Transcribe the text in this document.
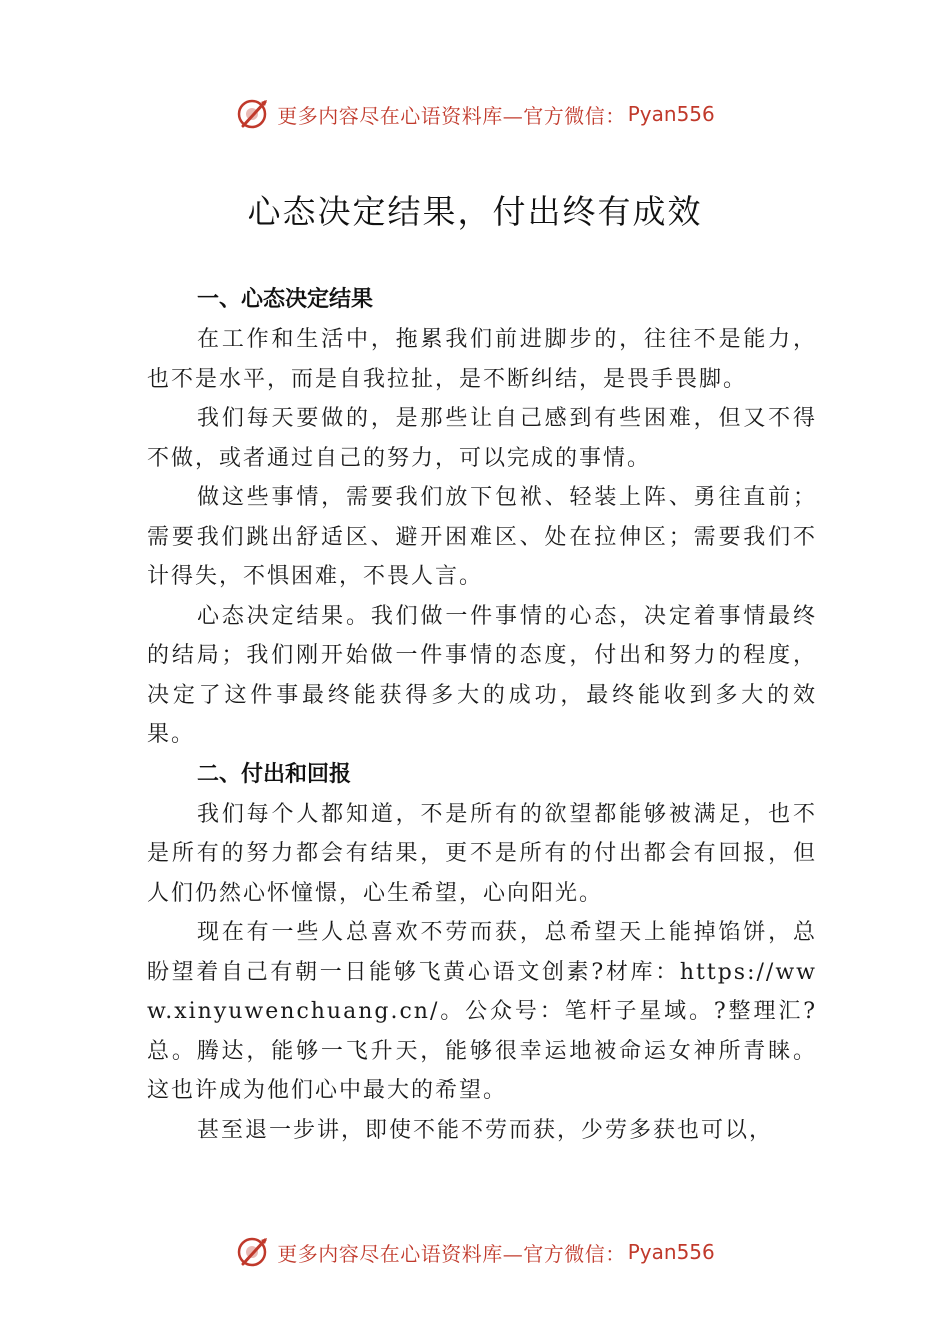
更多内容尽在心语资料库—官方微信： Pyan556
心态决定结果，付出终有成效
一、心态决定结果

在工作和生活中，拖累我们前进脚步的，往往不是能力，也不是水平，而是自我拉扯，是不断纠结，是畏手畏脚。

我们每天要做的，是那些让自己感到有些困难，但又不得不做，或者通过自己的努力，可以完成的事情。

做这些事情，需要我们放下包袱、轻装上阵、勇往直前；需要我们跳出舒适区、避开困难区、处在拉伸区；需要我们不计得失，不惧困难，不畏人言。

心态决定结果。我们做一件事情的心态，决定着事情最终的结局；我们刚开始做一件事情的态度，付出和努力的程度，决定了这件事最终能获得多大的成功，最终能收到多大的效果。

二、付出和回报

我们每个人都知道，不是所有的欲望都能够被满足，也不是所有的努力都会有结果，更不是所有的付出都会有回报，但人们仍然心怀憧憬，心生希望，心向阳光。

现在有一些人总喜欢不劳而获，总希望天上能掉馅饼，总盼望着自己有朝一日能够飞黄心语文创素?材库：https://www.xinyuwenchuang.cn/。公众号：笔杆子星域。?整理汇?总。腾达，能够一飞升天，能够很幸运地被命运女神所青睐。这也许成为他们心中最大的希望。

甚至退一步讲，即使不能不劳而获，少劳多获也可以，

更多内容尽在心语资料库—官方微信： Pyan556
